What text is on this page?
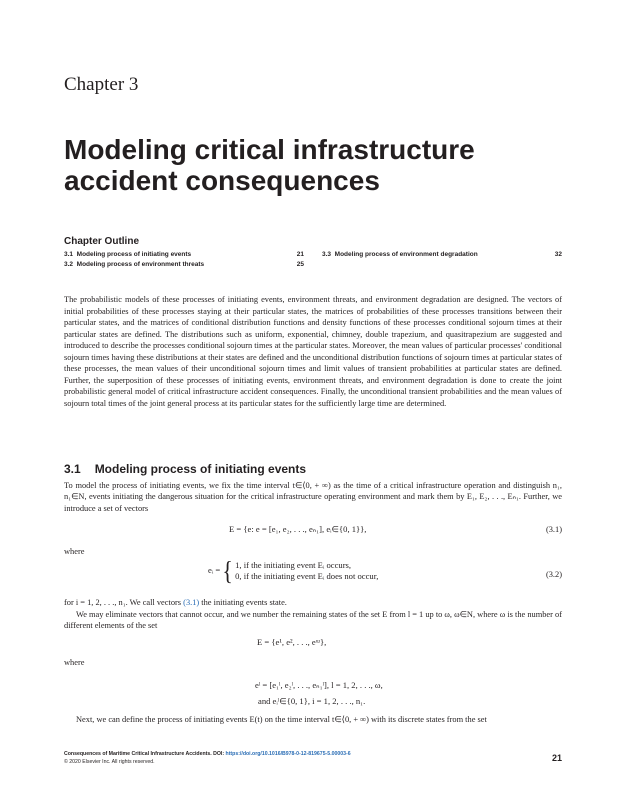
Chapter 3
Modeling critical infrastructure accident consequences
Chapter Outline
3.1 Modeling process of initiating events	21
3.2 Modeling process of environment threats	25
3.3 Modeling process of environment degradation	32

The probabilistic models of these processes of initiating events, environment threats, and environment degradation are designed. The vectors of initial probabilities of these processes staying at their particular states, the matrices of probabilities of these processes transitions between their particular states, and the matrices of conditional distribution functions and density functions of these processes conditional sojourn times at their particular states are defined. The distributions such as uniform, exponential, chimney, double trapezium, and quasitrapezium are suggested and introduced to describe the processes conditional sojourn times at the particular states. Moreover, the mean values of particular processes' conditional sojourn times having these distributions at their states are defined and the unconditional distribution functions of sojourn times at particular states of these processes, the mean values of their unconditional sojourn times and limit values of transient probabilities at particular states are defined. Further, the superposition of these processes of initiating events, environment threats, and environment degradation is done to create the joint probabilistic general model of critical infrastructure accident consequences. Finally, the unconditional transient probabilities and the mean values of sojourn total times of the joint general process at its particular states for the sufficiently large time are determined.

3.1 Modeling process of initiating events

To model the process of initiating events, we fix the time interval t∈⟨0, + ∞) as the time of a critical infrastructure operation and distinguish n₁, n₁∈N, events initiating the dangerous situation for the critical infrastructure operating environment and mark them by E₁, E₂, . . ., Eₙ₁. Further, we introduce a set of vectors

E = {e: e = [e₁, e₂, . . ., eₙ₁], eᵢ∈{0, 1}},	(3.1)

where

eᵢ = { 1, if the initiating event Eᵢ occurs,
0, if the initiating event Eᵢ does not occur,	(3.2)

for i = 1, 2, . . ., n₁. We call vectors (3.1) the initiating events state.

We may eliminate vectors that cannot occur, and we number the remaining states of the set E from l = 1 up to ω, ω∈N, where ω is the number of different elements of the set

E = {e¹, e², . . ., eᵚ},

where

eˡ = [e₁ˡ, e₂ˡ, . . ., eₙ₁ˡ], l = 1, 2, . . ., ω,
and eᵢˡ∈{0, 1}, i = 1, 2, . . ., n₁.

Next, we can define the process of initiating events E(t) on the time interval t∈⟨0, + ∞) with its discrete states from the set

Consequences of Maritime Critical Infrastructure Accidents. DOI: https://doi.org/10.1016/B978-0-12-819675-5.00003-6
© 2020 Elsevier Inc. All rights reserved.	21
